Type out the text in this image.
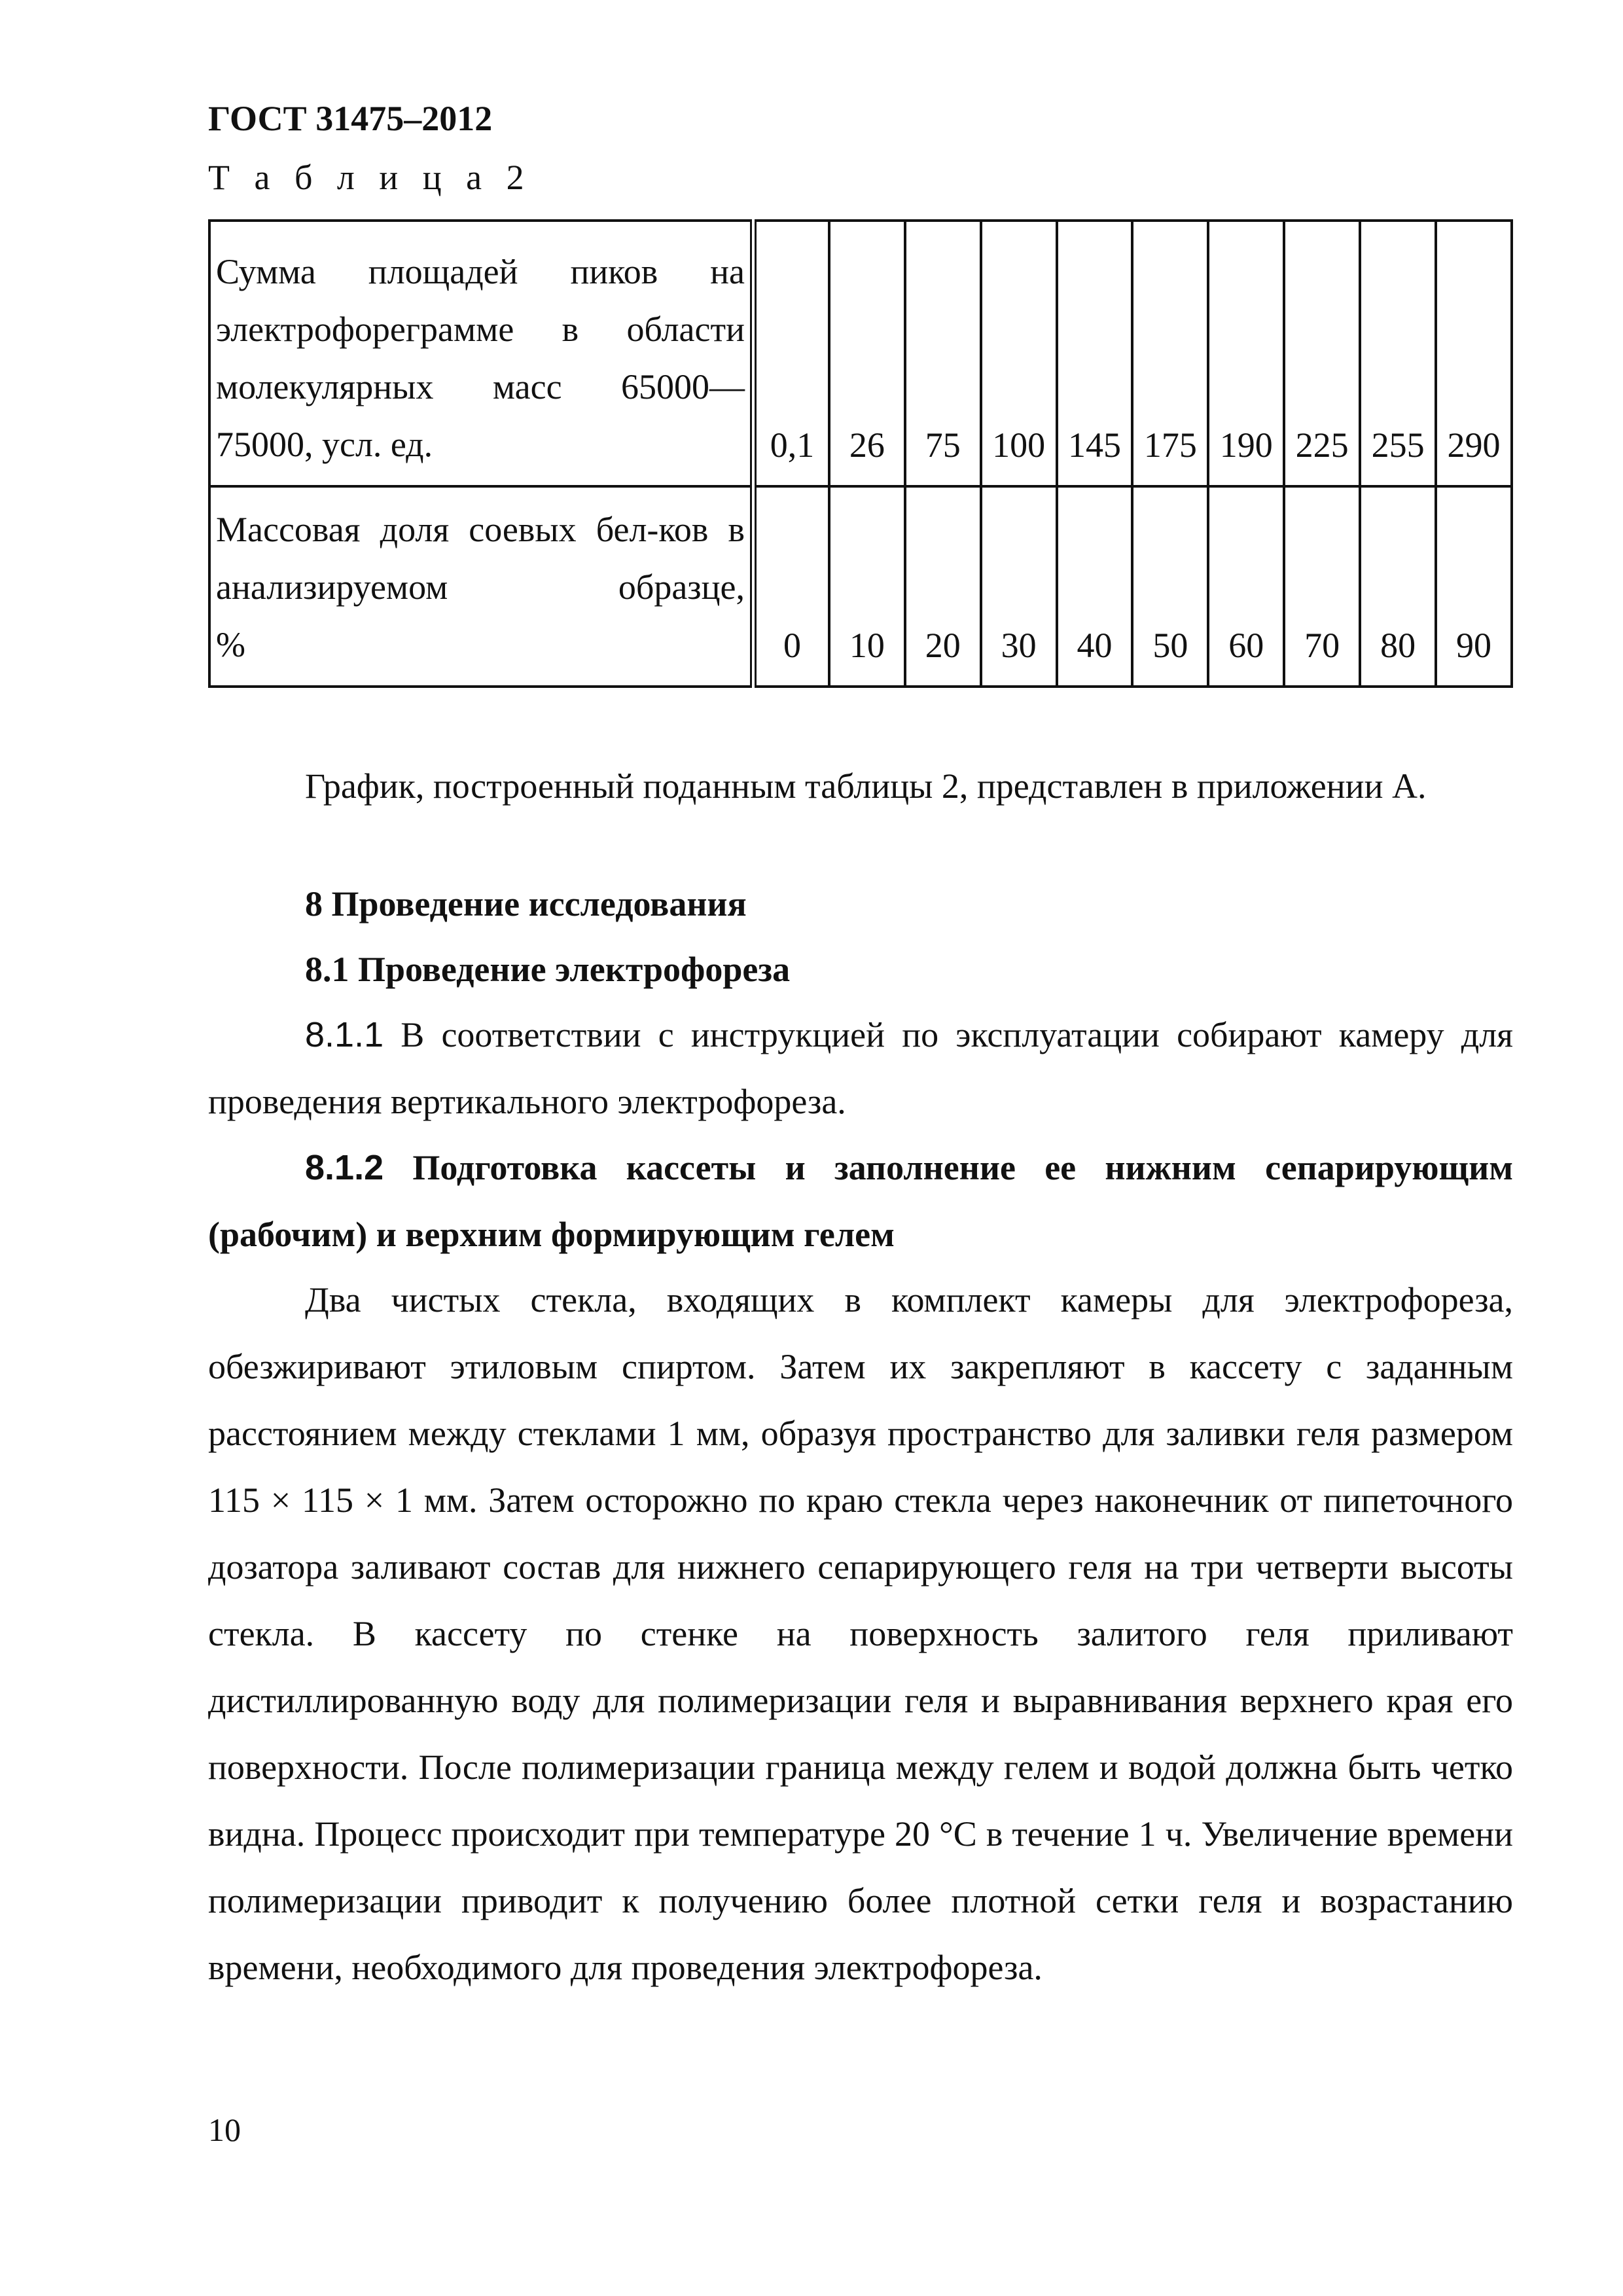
ГОСТ 31475–2012
Т а б л и ц а 2
Сумма площадей пиков на электрофореграмме в области молекулярных масс 65000—
75000, усл. ед.	0,1	26	75	100	145	175	190	225	255	290

Массовая доля соевых бел-ков в анализируемом образце,
%	0	10	20	30	40	50	60	70	80	90

График, построенный поданным таблицы 2, представлен в приложении А.

8 Проведение исследования
8.1 Проведение электрофореза

8.1.1 В соответствии с инструкцией по эксплуатации собирают камеру для проведения вертикального электрофореза.

8.1.2 Подготовка кассеты и заполнение ее нижним сепарирующим (рабочим) и верхним формирующим гелем

Два чистых стекла, входящих в комплект камеры для электрофореза, обезжиривают этиловым спиртом. Затем их закрепляют в кассету с заданным расстоянием между стеклами 1 мм, образуя пространство для заливки геля размером 115 × 115 × 1 мм. Затем осторожно по краю стекла через наконечник от пипеточного дозатора заливают состав для нижнего сепарирующего геля на три четверти высоты стекла. В кассету по стенке на поверхность залитого геля приливают дистиллированную воду для полимеризации геля и выравнивания верхнего края его поверхности. После полимеризации граница между гелем и водой должна быть четко видна. Процесс происходит при температуре 20 °С в течение 1 ч. Увеличение времени полимеризации приводит к получению более плотной сетки геля и возрастанию времени, необходимого для проведения электрофореза.

10
